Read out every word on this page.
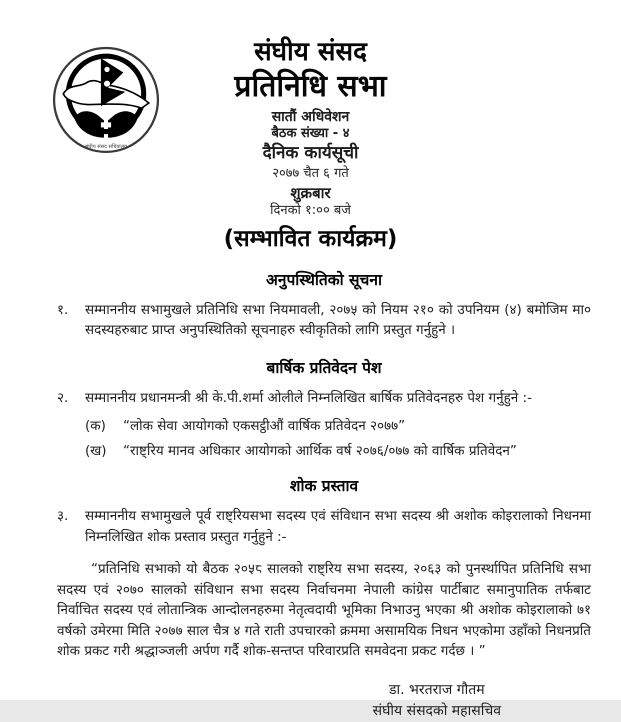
संघीय संसद सचिवालय
संघीय संसद
प्रतिनिधि सभा
सातौं अधिवेशन
बैठक संख्या - ४
दैनिक कार्यसूची
२०७७ चैत ६ गते
शुक्रबार
दिनको १:०० बजे
(सम्भावित कार्यक्रम)
अनुपस्थितिको सूचना
१.	सम्माननीय सभामुखले प्रतिनिधि सभा नियमावली, २०७५ को नियम २१० को उपनियम (४) बमोजिम मा० सदस्यहरुबाट प्राप्त अनुपस्थितिको सूचनाहरु स्वीकृतिको लागि प्रस्तुत गर्नुहुने ।
बार्षिक प्रतिवेदन पेश
२.	सम्माननीय प्रधानमन्त्री श्री के.पी.शर्मा ओलीले निम्नलिखित बार्षिक प्रतिवेदनहरु पेश गर्नुहुने :-
(क)	“लोक सेवा आयोगको एकसट्ठीऔं वार्षिक प्रतिवेदन २०७७”
(ख)	“राष्ट्रिय मानव अधिकार आयोगको आर्थिक वर्ष २०७६/०७७ को वार्षिक प्रतिवेदन”
शोक प्रस्ताव
३.	सम्माननीय सभामुखले पूर्व राष्ट्रियसभा सदस्य एवं संविधान सभा सदस्य श्री अशोक कोइरालाको निधनमा निम्नलिखित शोक प्रस्ताव प्रस्तुत गर्नुहुने :-
“प्रतिनिधि सभाको यो बैठक २०५८ सालको राष्ट्रिय सभा सदस्य, २०६३ को पुनर्स्थापित प्रतिनिधि सभा सदस्य एवं २०७० सालको संविधान सभा सदस्य निर्वाचनमा नेपाली कांग्रेस पार्टीबाट समानुपातिक तर्फबाट निर्वाचित सदस्य एवं लोतान्त्रिक आन्दोलनहरुमा नेतृत्वदायी भूमिका निभाउनु भएका श्री अशोक कोइरालाको ७१ वर्षको उमेरमा मिति २०७७ साल चैत्र ४ गते राती उपचारको क्रममा असामयिक निधन भएकोमा उहाँको निधनप्रति शोक प्रकट गरी श्रद्धाञ्जली अर्पण गर्दै शोक-सन्तप्त परिवारप्रति समवेदना प्रकट गर्दछ । ”
डा. भरतराज गौतम
संघीय संसदको महासचिव
